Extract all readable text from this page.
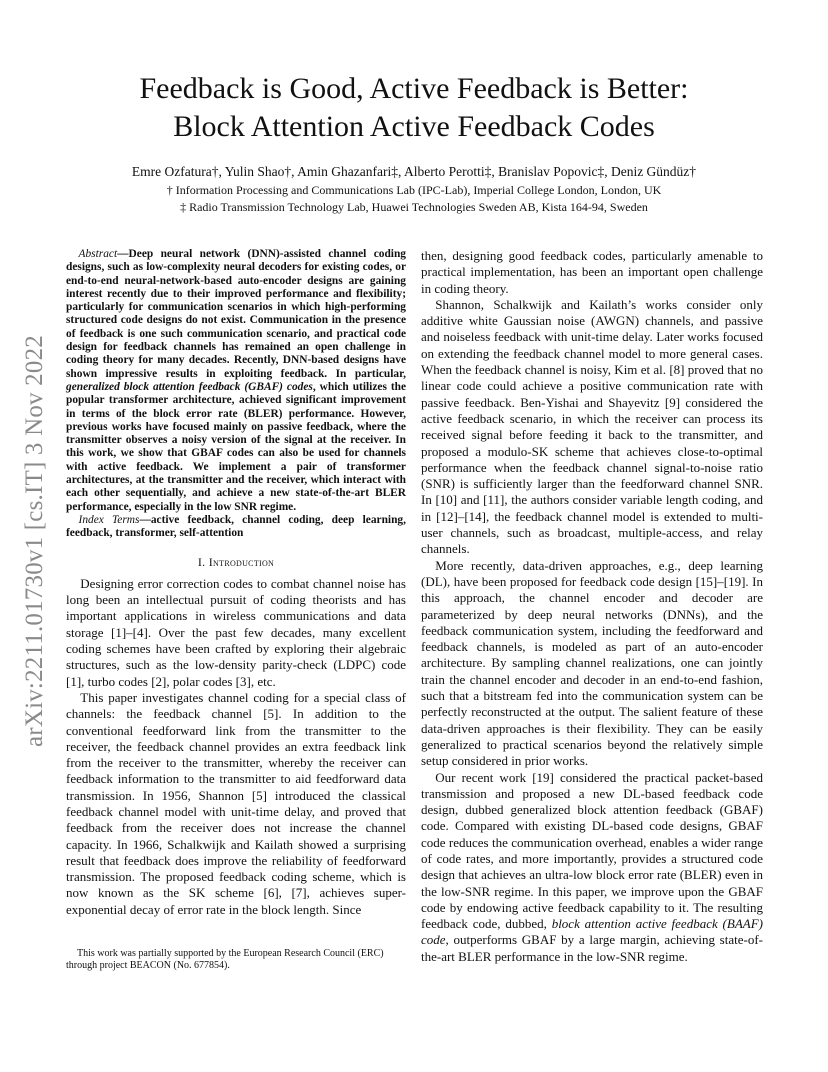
arXiv:2211.01730v1 [cs.IT] 3 Nov 2022
Feedback is Good, Active Feedback is Better:
Block Attention Active Feedback Codes
Emre Ozfatura†, Yulin Shao†, Amin Ghazanfari‡, Alberto Perotti‡, Branislav Popovic‡, Deniz Gündüz†
† Information Processing and Communications Lab (IPC-Lab), Imperial College London, London, UK
‡ Radio Transmission Technology Lab, Huawei Technologies Sweden AB, Kista 164-94, Sweden

Abstract—Deep neural network (DNN)-assisted channel coding designs, such as low-complexity neural decoders for existing codes, or end-to-end neural-network-based auto-encoder designs are gaining interest recently due to their improved performance and flexibility; particularly for communication scenarios in which high-performing structured code designs do not exist. Communication in the presence of feedback is one such communication scenario, and practical code design for feedback channels has remained an open challenge in coding theory for many decades. Recently, DNN-based designs have shown impressive results in exploiting feedback. In particular, generalized block attention feedback (GBAF) codes, which utilizes the popular transformer architecture, achieved significant improvement in terms of the block error rate (BLER) performance. However, previous works have focused mainly on passive feedback, where the transmitter observes a noisy version of the signal at the receiver. In this work, we show that GBAF codes can also be used for channels with active feedback. We implement a pair of transformer architectures, at the transmitter and the receiver, which interact with each other sequentially, and achieve a new state-of-the-art BLER performance, especially in the low SNR regime.

Index Terms—active feedback, channel coding, deep learning, feedback, transformer, self-attention

I. Introduction

Designing error correction codes to combat channel noise has long been an intellectual pursuit of coding theorists and has important applications in wireless communications and data storage [1]–[4]. Over the past few decades, many excellent coding schemes have been crafted by exploring their algebraic structures, such as the low-density parity-check (LDPC) code [1], turbo codes [2], polar codes [3], etc.

This paper investigates channel coding for a special class of channels: the feedback channel [5]. In addition to the conventional feedforward link from the transmitter to the receiver, the feedback channel provides an extra feedback link from the receiver to the transmitter, whereby the receiver can feedback information to the transmitter to aid feedforward data transmission. In 1956, Shannon [5] introduced the classical feedback channel model with unit-time delay, and proved that feedback from the receiver does not increase the channel capacity. In 1966, Schalkwijk and Kailath showed a surprising result that feedback does improve the reliability of feedforward transmission. The proposed feedback coding scheme, which is now known as the SK scheme [6], [7], achieves super-exponential decay of error rate in the block length. Since

This work was partially supported by the European Research Council (ERC)
through project BEACON (No. 677854).

then, designing good feedback codes, particularly amenable to practical implementation, has been an important open challenge in coding theory.

Shannon, Schalkwijk and Kailath’s works consider only additive white Gaussian noise (AWGN) channels, and passive and noiseless feedback with unit-time delay. Later works focused on extending the feedback channel model to more general cases. When the feedback channel is noisy, Kim et al. [8] proved that no linear code could achieve a positive communication rate with passive feedback. Ben-Yishai and Shayevitz [9] considered the active feedback scenario, in which the receiver can process its received signal before feeding it back to the transmitter, and proposed a modulo-SK scheme that achieves close-to-optimal performance when the feedback channel signal-to-noise ratio (SNR) is sufficiently larger than the feedforward channel SNR. In [10] and [11], the authors consider variable length coding, and in [12]–[14], the feedback channel model is extended to multi-user channels, such as broadcast, multiple-access, and relay channels.

More recently, data-driven approaches, e.g., deep learning (DL), have been proposed for feedback code design [15]–[19]. In this approach, the channel encoder and decoder are parameterized by deep neural networks (DNNs), and the feedback communication system, including the feedforward and feedback channels, is modeled as part of an auto-encoder architecture. By sampling channel realizations, one can jointly train the channel encoder and decoder in an end-to-end fashion, such that a bitstream fed into the communication system can be perfectly reconstructed at the output. The salient feature of these data-driven approaches is their flexibility. They can be easily generalized to practical scenarios beyond the relatively simple setup considered in prior works.

Our recent work [19] considered the practical packet-based transmission and proposed a new DL-based feedback code design, dubbed generalized block attention feedback (GBAF) code. Compared with existing DL-based code designs, GBAF code reduces the communication overhead, enables a wider range of code rates, and more importantly, provides a structured code design that achieves an ultra-low block error rate (BLER) even in the low-SNR regime. In this paper, we improve upon the GBAF code by endowing active feedback capability to it. The resulting feedback code, dubbed, block attention active feedback (BAAF) code, outperforms GBAF by a large margin, achieving state-of-the-art BLER performance in the low-SNR regime.
